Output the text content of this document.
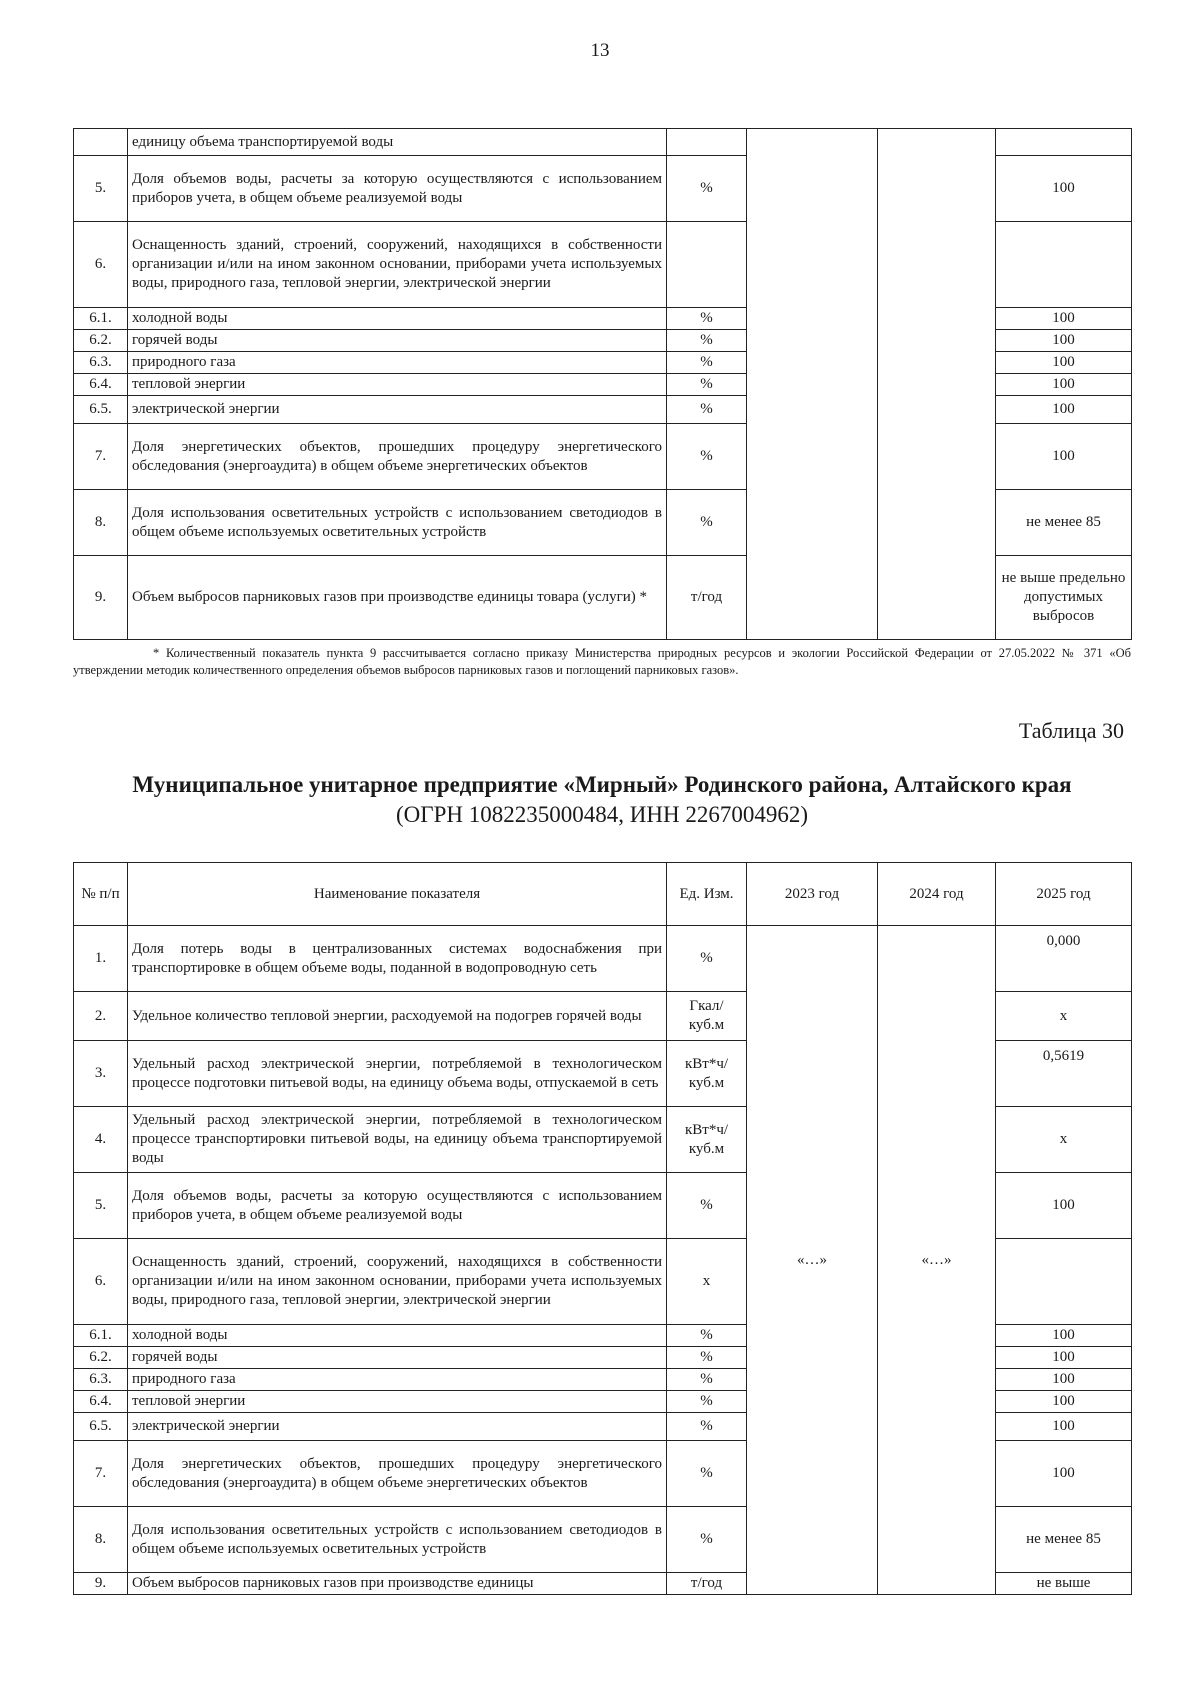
13
	единицу объема транспортируемой воды				
5.	Доля объемов воды, расчеты за которую осуществляются с использованием приборов учета, в общем объеме реализуемой воды	%			100
6.	Оснащенность зданий, строений, сооружений, находящихся в собственности организации и/или на ином законном основании, приборами учета используемых воды, природного газа, тепловой энергии, электрической энергии				
6.1.	холодной воды	%			100
6.2.	горячей воды	%			100
6.3.	природного газа	%			100
6.4.	тепловой энергии	%			100
6.5.	электрической энергии	%			100
7.	Доля энергетических объектов, прошедших процедуру энергетического обследования (энергоаудита) в общем объеме энергетических объектов	%			100
8.	Доля использования осветительных устройств с использованием светодиодов в общем объеме используемых осветительных устройств	%			не менее 85
9.	Объем выбросов парниковых газов при производстве единицы товара (услуги) *	т/год			не выше предельно допустимых выбросов
* Количественный показатель пункта 9 рассчитывается согласно приказу Министерства природных ресурсов и экологии Российской Федерации от 27.05.2022 № 371 «Об утверждении методик количественного определения объемов выбросов парниковых газов и поглощений парниковых газов».
Таблица 30
Муниципальное унитарное предприятие «Мирный» Родинского района, Алтайского края
(ОГРН 1082235000484, ИНН 2267004962)
№ п/п	Наименование показателя	Ед. Изм.	2023 год	2024 год	2025 год
1.	Доля потерь воды в централизованных системах водоснабжения при транспортировке в общем объеме воды, поданной в водопроводную сеть	%	«…»	«…»	0,000
2.	Удельное количество тепловой энергии, расходуемой на подогрев горячей воды	Гкал/ куб.м			х
3.	Удельный расход электрической энергии, потребляемой в технологическом процессе подготовки питьевой воды, на единицу объема воды, отпускаемой в сеть	кВт*ч/ куб.м			0,5619
4.	Удельный расход электрической энергии, потребляемой в технологическом процессе транспортировки питьевой воды, на единицу объема транспортируемой воды	кВт*ч/ куб.м			х
5.	Доля объемов воды, расчеты за которую осуществляются с использованием приборов учета, в общем объеме реализуемой воды	%			100
6.	Оснащенность зданий, строений, сооружений, находящихся в собственности организации и/или на ином законном основании, приборами учета используемых воды, природного газа, тепловой энергии, электрической энергии	х			
6.1.	холодной воды	%			100
6.2.	горячей воды	%			100
6.3.	природного газа	%			100
6.4.	тепловой энергии	%			100
6.5.	электрической энергии	%			100
7.	Доля энергетических объектов, прошедших процедуру энергетического обследования (энергоаудита) в общем объеме энергетических объектов	%			100
8.	Доля использования осветительных устройств с использованием светодиодов в общем объеме используемых осветительных устройств	%			не менее 85
9.	Объем выбросов парниковых газов при производстве единицы	т/год			не выше
